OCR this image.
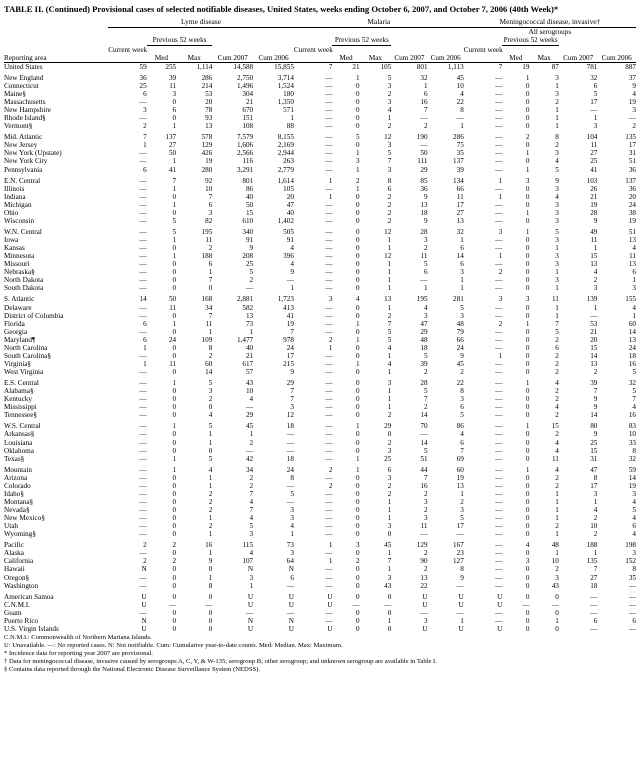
TABLE II. (Continued) Provisional cases of selected notifiable diseases, United States, weeks ending October 6, 2007, and October 7, 2006 (40th Week)*
	Lyme disease					Malaria					Meningococcal disease, invasive†				

											All serogroups				
		Previous 52 weeks					Previous 52 weeks					Previous 52 weeks			

	Current week					Current week					Current week				
Reporting area		Med	Max	Cum 2007	Cum 2006		Med	Max	Cum 2007	Cum 2006		Med	Max	Cum 2007	Cum 2006
United States	59	255	1,114	14,588	15,855	7	21	105	801	1,113	7	19	87	781	887

New England	36	39	286	2,750	3,714	—	1	5	32	45	—	1	3	32	37
Connecticut	25	11	214	1,496	1,524	—	0	3	1	10	—	0	1	6	9
Maine§	6	3	53	304	180	—	0	2	6	4	—	0	3	5	4
Massachusetts	—	0	20	21	1,350	—	0	3	16	22	—	0	2	17	19
New Hampshire	3	6	78	670	571	—	0	4	7	8	—	0	1	—	3
Rhode Island§	—	0	93	151	1	—	0	1	—	—	—	0	1	1	—
Vermont§	2	1	13	108	88	—	0	2	2	1	—	0	1	3	2

Mid. Atlantic	7	137	578	7,579	8,155	—	5	12	190	286	—	2	8	104	135
New Jersey	1	27	129	1,606	2,169	—	0	3	—	75	—	0	2	11	17
New York (Upstate)	—	50	426	2,566	2,944	—	1	5	50	35	—	1	3	27	31
New York City	—	1	19	116	263	—	3	7	111	137	—	0	4	25	51
Pennsylvania	6	41	280	3,291	2,779	—	1	3	29	39	—	1	5	41	36

E.N. Central	—	7	92	801	1,614	1	2	8	85	134	1	3	9	103	137
Illinois	—	1	10	86	105	—	1	6	36	66	—	0	3	26	36
Indiana	—	0	7	40	20	1	0	2	9	11	1	0	4	21	20
Michigan	—	1	6	50	47	—	0	2	13	17	—	0	3	19	24
Ohio	—	0	3	15	40	—	0	2	18	27	—	1	3	28	38
Wisconsin	—	5	82	610	1,402	—	0	2	9	13	—	0	3	9	19

W.N. Central	—	5	195	340	505	—	0	12	28	32	3	1	5	49	51
Iowa	—	1	11	91	91	—	0	1	3	1	—	0	3	11	13
Kansas	—	0	2	9	4	—	0	1	2	6	—	0	1	1	4
Minnesota	—	1	188	208	396	—	0	12	11	14	1	0	3	15	11
Missouri	—	0	6	25	4	—	0	1	5	6	—	0	3	13	13
Nebraska§	—	0	1	5	9	—	0	1	6	3	2	0	1	4	6
North Dakota	—	0	7	2	—	—	0	1	—	1	—	0	3	2	1
South Dakota	—	0	0	—	1	—	0	1	1	1	—	0	1	3	3

S. Atlantic	14	50	168	2,881	1,723	3	4	13	195	281	3	3	11	139	155
Delaware	—	11	34	582	413	—	0	1	4	5	—	0	1	1	4
District of Columbia	—	0	7	13	41	—	0	2	3	3	—	0	1	—	1
Florida	6	1	11	73	19	—	1	7	47	48	2	1	7	53	60
Georgia	—	0	1	1	7	—	0	5	29	79	—	0	5	21	14
Maryland¶	6	24	109	1,477	978	2	1	5	48	66	—	0	2	20	13
North Carolina	1	0	8	40	24	1	0	4	18	24	—	0	6	15	24
South Carolina§	—	0	2	21	17	—	0	1	5	9	1	0	2	14	18
Virginia§	1	11	60	617	215	—	1	4	39	45	—	0	2	13	16
West Virginia	—	0	14	57	9	—	0	1	2	2	—	0	2	2	5

E.S. Central	—	1	5	43	29	—	0	3	28	22	—	1	4	39	32
Alabama§	—	0	3	10	7	—	0	1	5	8	—	0	2	7	5
Kentucky	—	0	2	4	7	—	0	1	7	3	—	0	2	9	7
Mississippi	—	0	0	—	3	—	0	1	2	6	—	0	4	9	4
Tennessee§	—	0	4	29	12	—	0	2	14	5	—	0	2	14	16

W.S. Central	—	1	5	45	18	—	1	29	70	86	—	1	15	80	83
Arkansas§	—	0	1	1	—	—	0	0	—	4	—	0	2	9	10
Louisiana	—	0	1	2	—	—	0	2	14	6	—	0	4	25	33
Oklahoma	—	0	0	—	—	—	0	3	5	7	—	0	4	15	8
Texas§	—	1	5	42	18	—	1	25	51	69	—	0	11	31	32

Mountain	—	1	4	34	24	2	1	6	44	60	—	1	4	47	59
Arizona	—	0	1	2	8	—	0	3	7	19	—	0	2	8	14
Colorado	—	0	1	2	—	2	0	2	16	13	—	0	2	17	19
Idaho§	—	0	2	7	5	—	0	2	2	1	—	0	1	3	3
Montana§	—	0	2	4	—	—	0	1	3	2	—	0	1	1	4
Nevada§	—	0	2	7	3	—	0	1	2	3	—	0	1	4	5
New Mexico§	—	0	1	4	3	—	0	1	3	5	—	0	1	2	4
Utah	—	0	2	5	4	—	0	3	11	17	—	0	2	10	6
Wyoming§	—	0	1	3	1	—	0	0	—	—	—	0	1	2	4

Pacific	2	2	16	115	73	1	3	45	129	167	—	4	48	188	198
Alaska	—	0	1	4	3	—	0	1	2	23	—	0	1	1	3
California	2	2	9	107	64	1	2	7	90	127	—	3	10	135	152
Hawaii	N	0	0	N	N	—	0	1	2	8	—	0	2	7	8
Oregon§	—	0	1	3	6	—	0	3	13	9	—	0	3	27	35
Washington	—	0	8	1	—	—	0	43	22	—	—	0	43	18	—

American Samoa	U	0	0	U	U	U	0	0	U	U	U	0	0	—	—
C.N.M.I.	U	—	—	U	U	U	—	—	U	U	U	—	—	—	—
Guam	—	0	0	—	—	—	0	0	—	—	—	0	0	—	—
Puerto Rico	N	0	0	N	N	—	0	1	3	1	—	0	1	6	6
U.S. Virgin Islands	U	0	0	U	U	U	0	0	U	U	U	0	0	—	—
C.N.M.I.: Commonwealth of Northern Mariana Islands.
U: Unavailable. —: No reported cases. N: Not notifiable. Cum: Cumulative year-to-date counts. Med: Median. Max: Maximum.
* Incidence data for reporting year 2007 are provisional.
† Data for meningococcal disease, invasive caused by serogroups A, C, Y, & W-135; serogroup B; other serogroup; and unknown serogroup are available in Table I.
§ Contains data reported through the National Electronic Disease Surveillance System (NEDSS).
